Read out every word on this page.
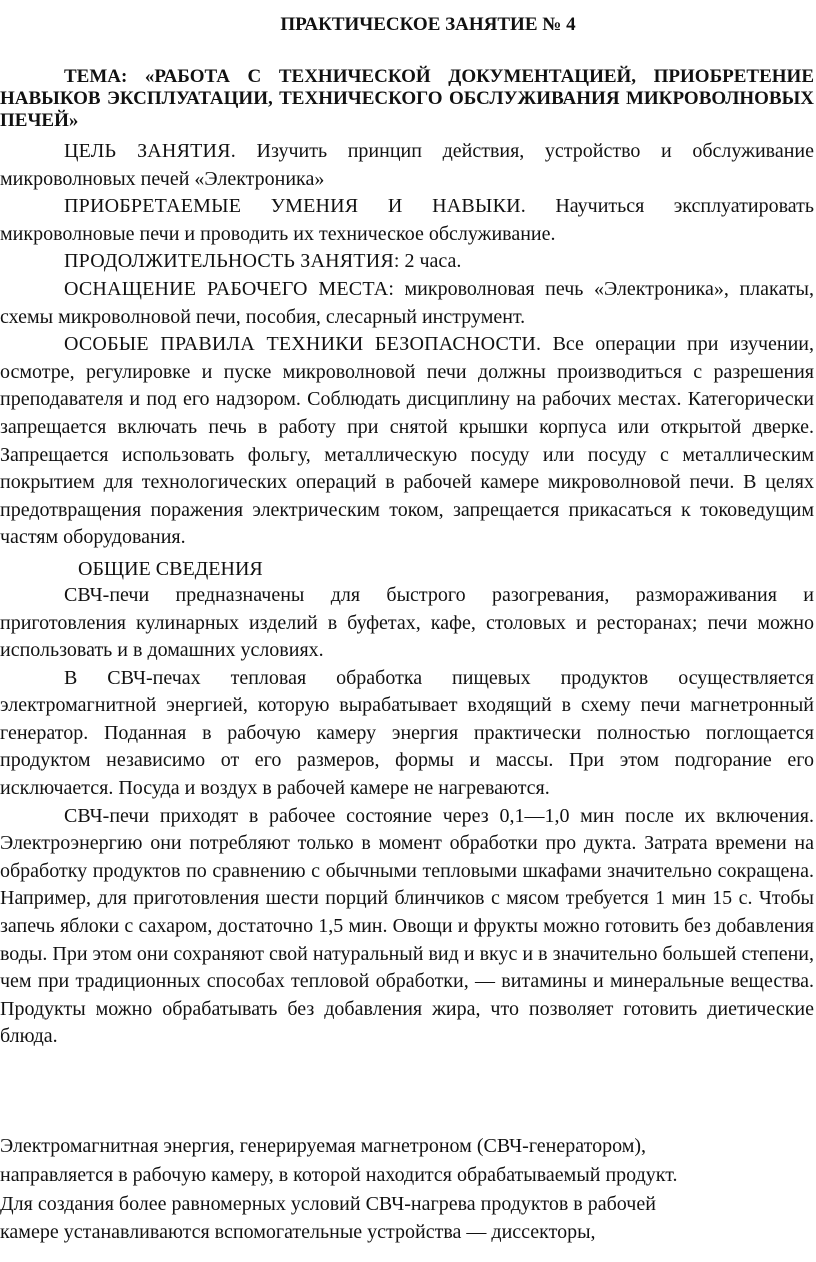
ПРАКТИЧЕСКОЕ ЗАНЯТИЕ № 4
ТЕМА: «РАБОТА С ТЕХНИЧЕСКОЙ ДОКУМЕНТАЦИЕЙ, ПРИОБРЕТЕНИЕ НАВЫКОВ ЭКСПЛУАТАЦИИ, ТЕХНИЧЕСКОГО ОБСЛУЖИВАНИЯ МИКРОВОЛНОВЫХ ПЕЧЕЙ»

ЦЕЛЬ ЗАНЯТИЯ. Изучить принцип действия, устройство и обслуживание микроволновых печей «Электроника»

ПРИОБРЕТАЕМЫЕ УМЕНИЯ И НАВЫКИ. Научиться эксплуатировать микроволновые печи и проводить их техническое обслуживание.

ПРОДОЛЖИТЕЛЬНОСТЬ ЗАНЯТИЯ: 2 часа.

ОСНАЩЕНИЕ РАБОЧЕГО МЕСТА: микроволновая печь «Электроника», плакаты, схемы микроволновой печи, пособия, слесарный инструмент.

ОСОБЫЕ ПРАВИЛА ТЕХНИКИ БЕЗОПАСНОСТИ. Все операции при изучении, осмотре, регулировке и пуске микроволновой печи должны производиться с разрешения преподавателя и под его надзором. Соблюдать дисциплину на рабочих местах. Категорически запрещается включать печь в работу при снятой крышки корпуса или открытой дверке. Запрещается использовать фольгу, металлическую посуду или посуду с металлическим покрытием для технологических операций в рабочей камере микроволновой печи. В целях предотвращения поражения электрическим током, запрещается прикасаться к токоведущим частям оборудования.

ОБЩИЕ СВЕДЕНИЯ

СВЧ-печи предназначены для быстрого разогревания, размораживания и приготовления кулинарных изделий в буфетах, кафе, столовых и ресторанах; печи можно использовать и в домашних условиях.

В СВЧ-печах тепловая обработка пищевых продуктов осуществляется электромагнитной энергией, которую вырабатывает входящий в схему печи магнетронный генератор. Поданная в рабочую камеру энергия практически полностью поглощается продуктом независимо от его размеров, формы и массы. При этом подгорание его исключается. Посуда и воздух в рабочей камере не нагреваются.

СВЧ-печи приходят в рабочее состояние через 0,1—1,0 мин после их включения. Электроэнергию они потребляют только в момент обработки про дукта. Затрата времени на обработку продуктов по сравнению с обычными тепловыми шкафами значительно сокращена. Например, для приготовления шести порций блинчиков с мясом требуется 1 мин 15 с. Чтобы запечь яблоки с сахаром, достаточно 1,5 мин. Овощи и фрукты можно готовить без добавления воды. При этом они сохраняют свой натуральный вид и вкус и в значительно большей степени, чем при традиционных способах тепловой обработки, — витамины и минеральные вещества. Продукты можно обрабатывать без добавления жира, что позволяет готовить диетические блюда.

Электромагнитная энергия, генерируемая магнетроном (СВЧ-генератором),
направляется в рабочую камеру, в которой находится обрабатываемый продукт.
Для создания более равномерных условий СВЧ-нагрева продуктов в рабочей
камере устанавливаются вспомогательные устройства — диссекторы,
